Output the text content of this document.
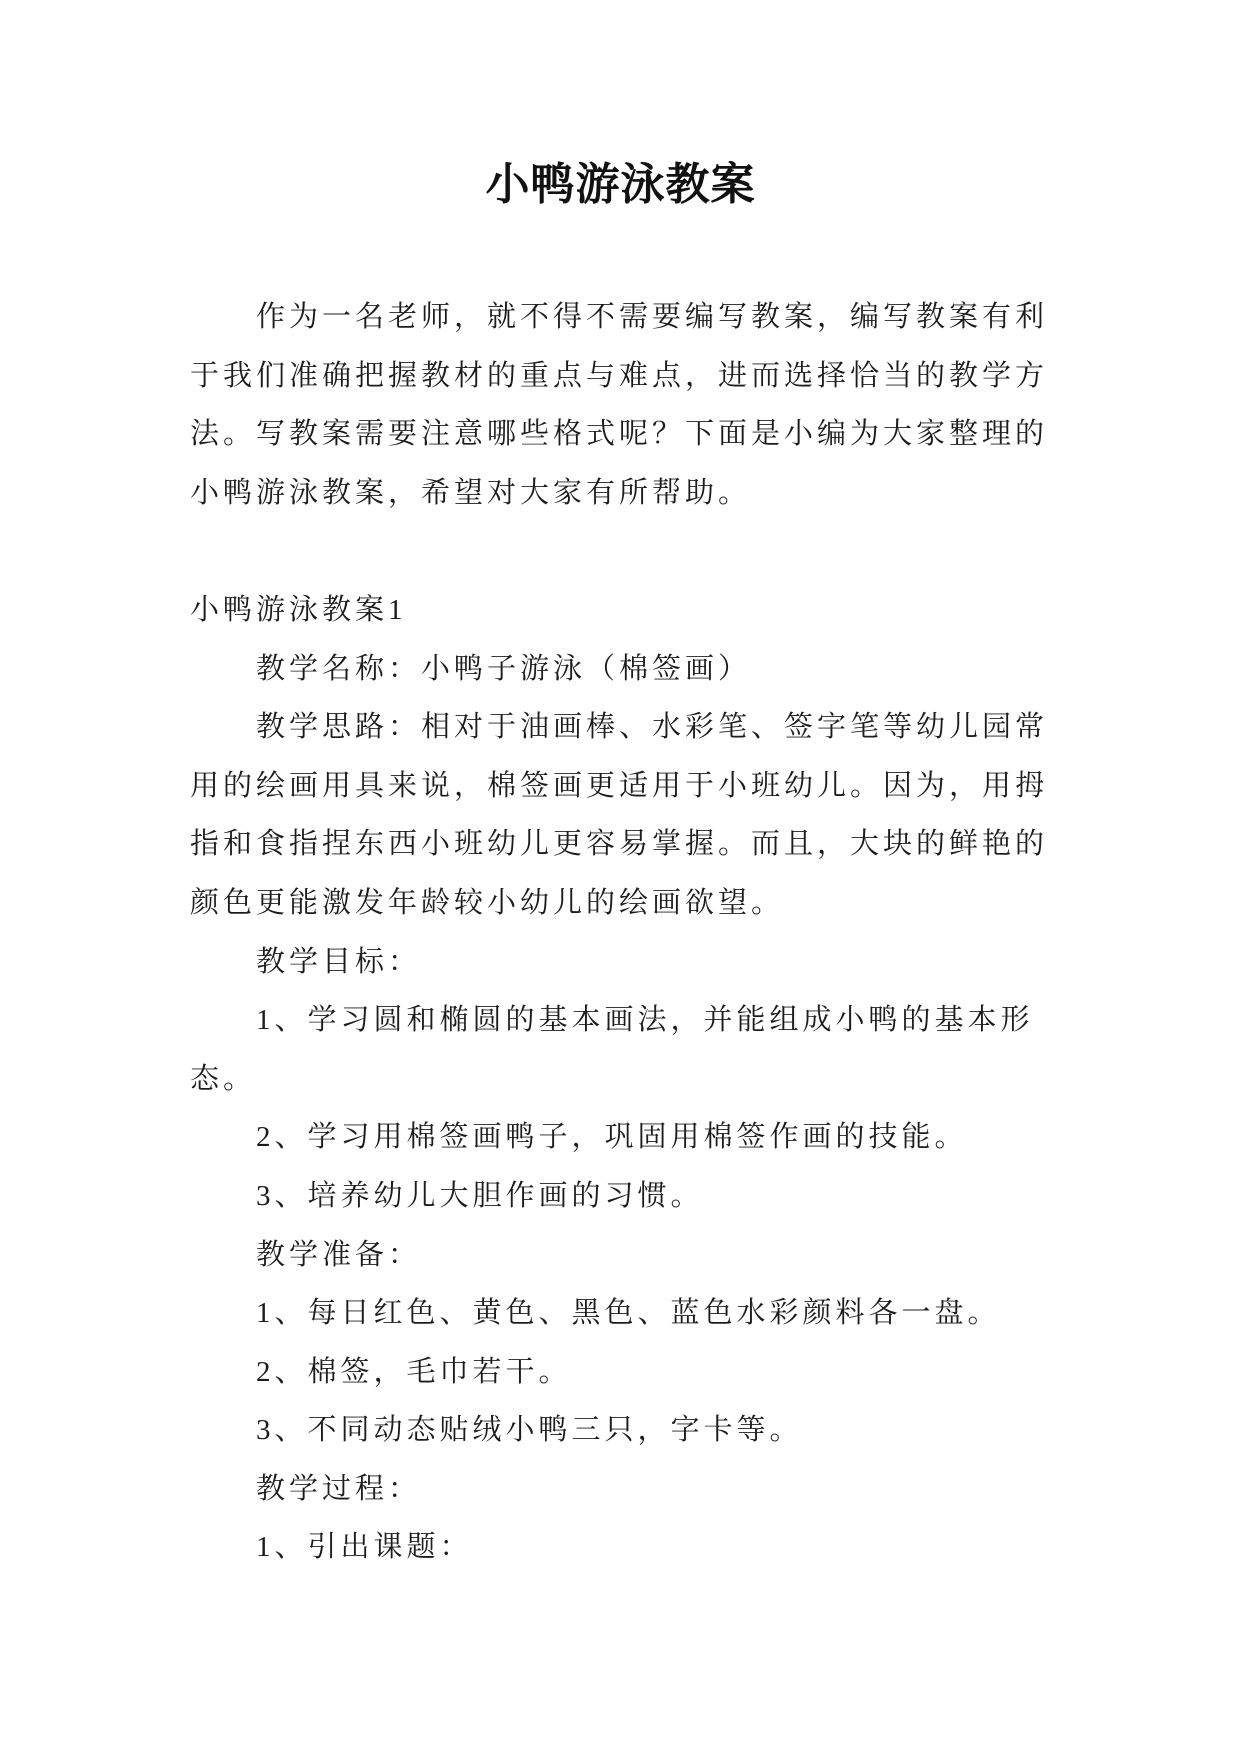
小鸭游泳教案
作为一名老师，就不得不需要编写教案，编写教案有利
于我们准确把握教材的重点与难点，进而选择恰当的教学方
法。写教案需要注意哪些格式呢？下面是小编为大家整理的
小鸭游泳教案，希望对大家有所帮助。
小鸭游泳教案1
教学名称：小鸭子游泳（棉签画）
教学思路：相对于油画棒、水彩笔、签字笔等幼儿园常
用的绘画用具来说，棉签画更适用于小班幼儿。因为，用拇
指和食指捏东西小班幼儿更容易掌握。而且，大块的鲜艳的
颜色更能激发年龄较小幼儿的绘画欲望。
教学目标：
1、学习圆和椭圆的基本画法，并能组成小鸭的基本形
态。
2、学习用棉签画鸭子，巩固用棉签作画的技能。
3、培养幼儿大胆作画的习惯。
教学准备：
1、每日红色、黄色、黑色、蓝色水彩颜料各一盘。
2、棉签，毛巾若干。
3、不同动态贴绒小鸭三只，字卡等。
教学过程：
1、引出课题：
